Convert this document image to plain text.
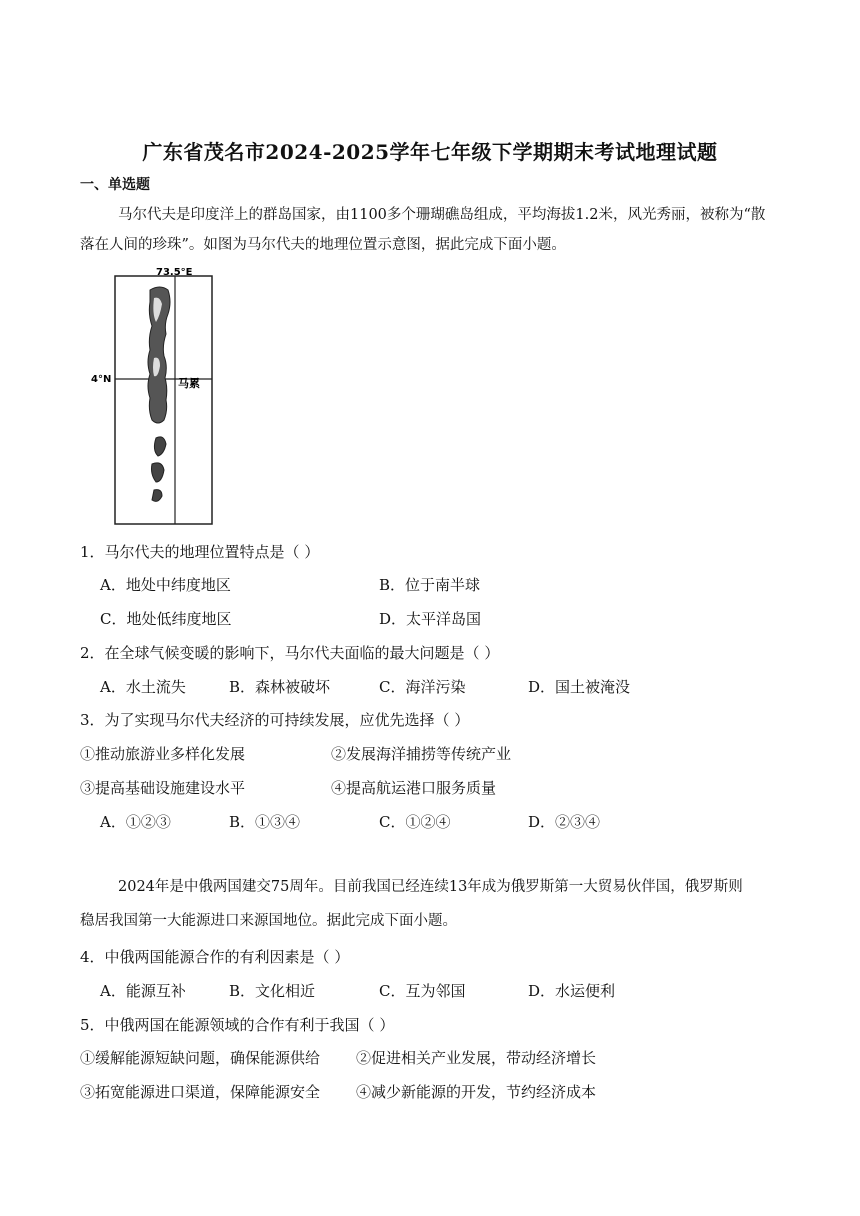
广东省茂名市2024-2025学年七年级下学期期末考试地理试题
一、单选题
马尔代夫是印度洋上的群岛国家，由1100多个珊瑚礁岛组成，平均海拔1.2米，风光秀丽，被称为“散
落在人间的珍珠”。如图为马尔代夫的地理位置示意图，据此完成下面小题。
73.5°E
4°N	马累
1．马尔代夫的地理位置特点是（ ）
A．地处中纬度地区	B．位于南半球
C．地处低纬度地区	D．太平洋岛国
2．在全球气候变暖的影响下，马尔代夫面临的最大问题是（ ）
A．水土流失	B．森林被破坏	C．海洋污染	D．国土被淹没
3．为了实现马尔代夫经济的可持续发展，应优先选择（ ）
①推动旅游业多样化发展	②发展海洋捕捞等传统产业
③提高基础设施建设水平	④提高航运港口服务质量
A．①②③	B．①③④	C．①②④	D．②③④
2024年是中俄两国建交75周年。目前我国已经连续13年成为俄罗斯第一大贸易伙伴国，俄罗斯则
稳居我国第一大能源进口来源国地位。据此完成下面小题。
4．中俄两国能源合作的有利因素是（ ）
A．能源互补	B．文化相近	C．互为邻国	D．水运便利
5．中俄两国在能源领域的合作有利于我国（ ）
①缓解能源短缺问题，确保能源供给 ②促进相关产业发展，带动经济增长
③拓宽能源进口渠道，保障能源安全 ④减少新能源的开发，节约经济成本
